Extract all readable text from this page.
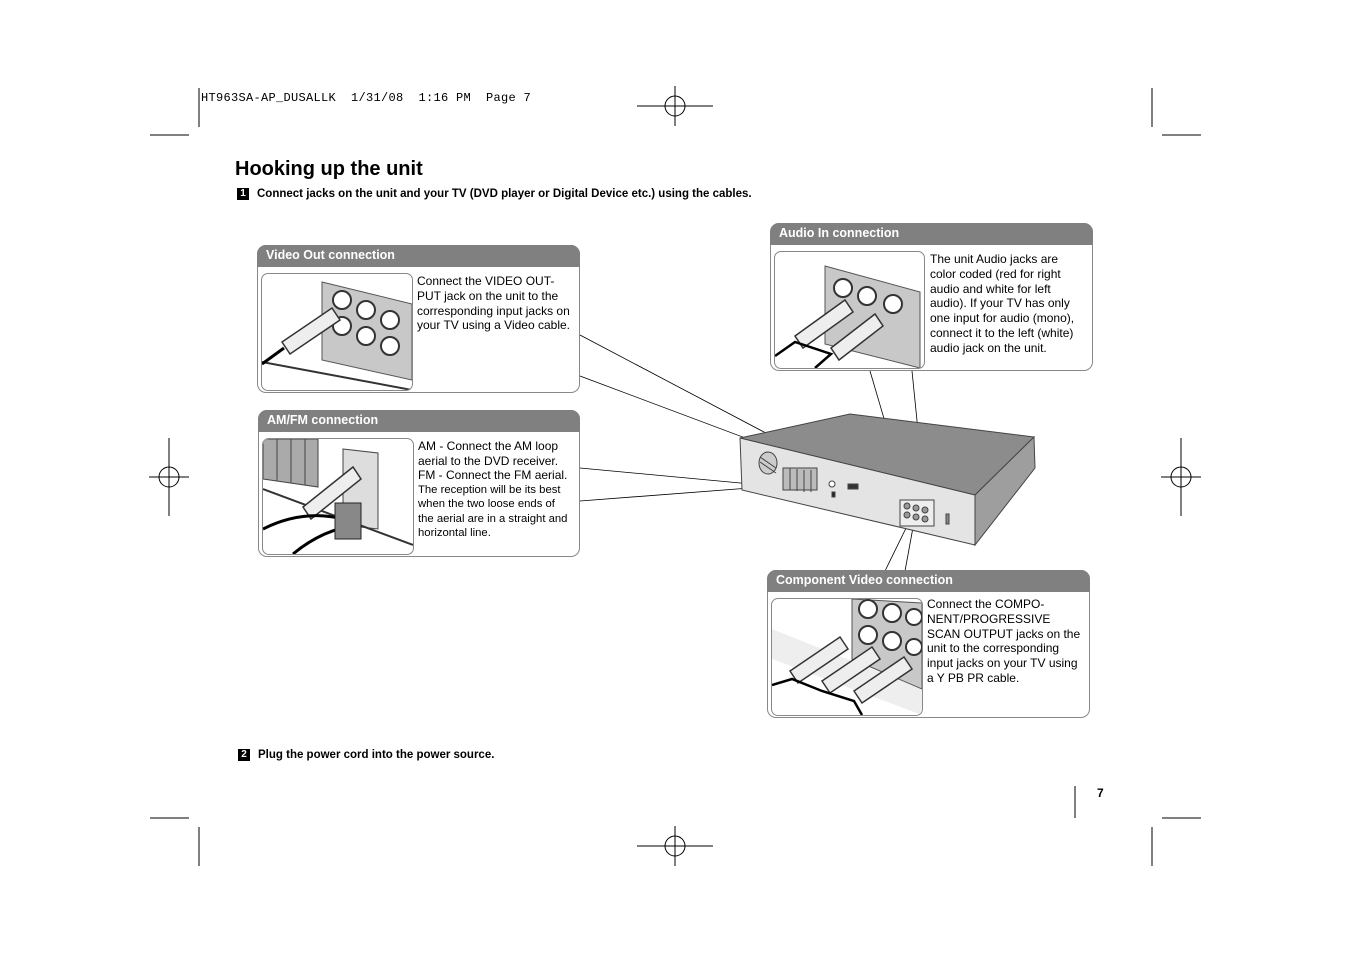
HT963SA-AP_DUSALLK  1/31/08  1:16 PM  Page 7
Hooking up the unit
1 Connect jacks on the unit and your TV (DVD player or Digital Device etc.) using the cables.
Video Out connection
Connect the VIDEO OUT-
PUT jack on the unit to the
corresponding input jacks on
your TV using a Video cable.
AM/FM connection
AM - Connect the AM loop
aerial to the DVD receiver.
FM - Connect the FM aerial.
The reception will be its best
when the two loose ends of
the aerial are in a straight and
horizontal line.
Audio In connection
The unit Audio jacks are
color coded (red for right
audio and white for left
audio). If your TV has only
one input for audio (mono),
connect it to the left (white)
audio jack on the unit.
Component Video connection
Connect the COMPO-
NENT/PROGRESSIVE
SCAN OUTPUT jacks on the
unit to the corresponding
input jacks on your TV using
a Y PB PR cable.
2 Plug the power cord into the power source.
7
